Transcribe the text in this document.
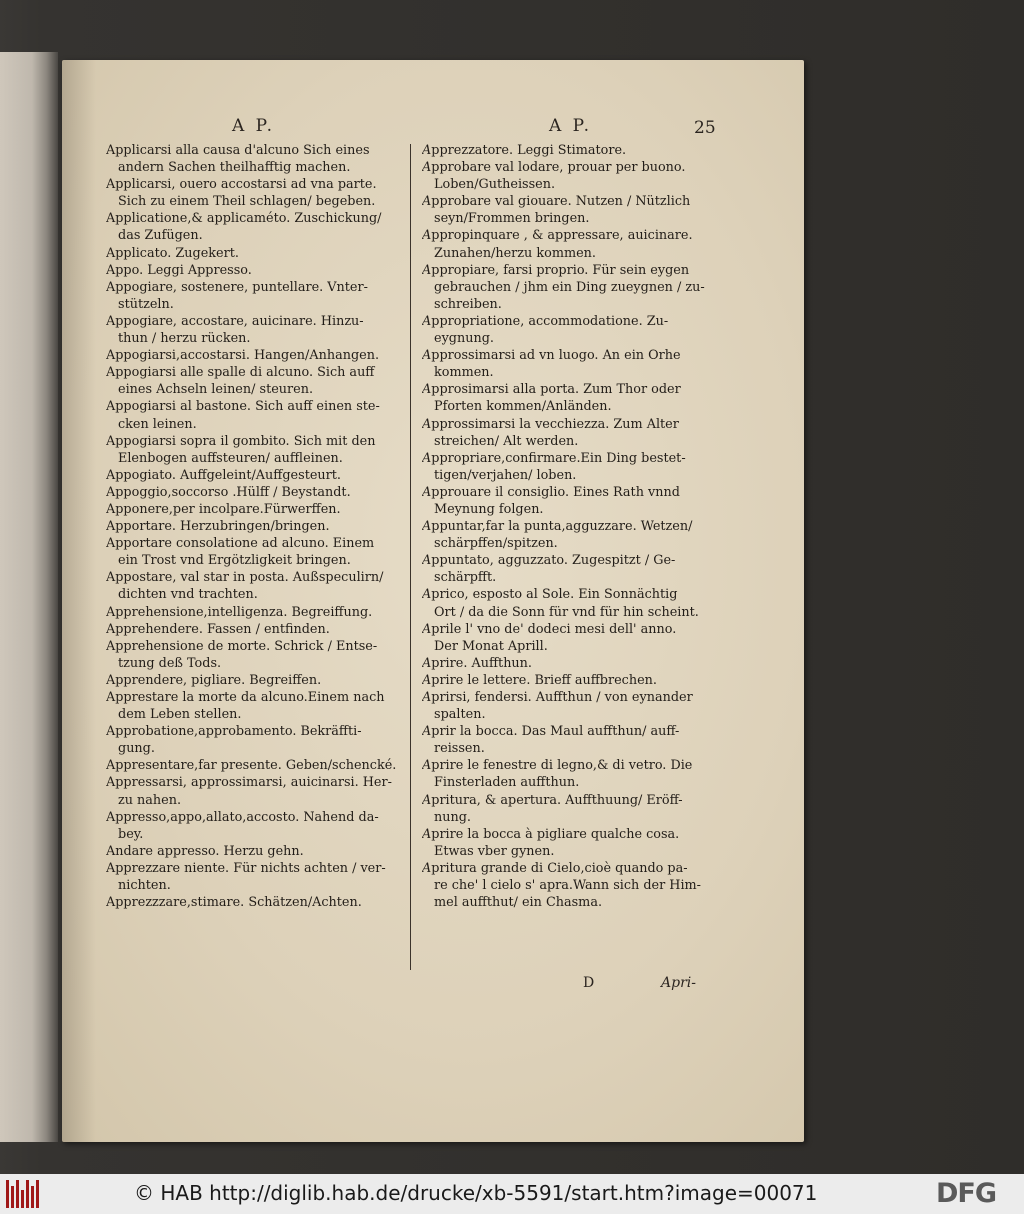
A P.	A P.	25
Applicarsi alla causa d'alcuno Sich eines
andern Sachen theilhafftig machen.
Applicarsi, ouero accostarsi ad vna parte.
Sich zu einem Theil schlagen/ begeben.
Applicatione,& applicaméto. Zuschickung/
das Zufügen.
Applicato. Zugekert.
Appo. Leggi Appresso.
Appogiare, sostenere, puntellare. Vnter-
stützeln.
Appogiare, accostare, auicinare. Hinzu-
thun / herzu rücken.
Appogiarsi,accostarsi. Hangen/Anhangen.
Appogiarsi alle spalle di alcuno. Sich auff
eines Achseln leinen/ steuren.
Appogiarsi al bastone. Sich auff einen ste-
cken leinen.
Appogiarsi sopra il gombito. Sich mit den
Elenbogen auffsteuren/ auffleinen.
Appogiato. Auffgeleint/Auffgesteurt.
Appoggio,soccorso .Hülff / Beystandt.
Apponere,per incolpare.Fürwerffen.
Apportare. Herzubringen/bringen.
Apportare consolatione ad alcuno. Einem
ein Trost vnd Ergötzligkeit bringen.
Appostare, val star in posta. Außspeculirn/
dichten vnd trachten.
Apprehensione,intelligenza. Begreiffung.
Apprehendere. Fassen / entfinden.
Apprehensione de morte. Schrick / Entse-
tzung deß Tods.
Apprendere, pigliare. Begreiffen.
Apprestare la morte da alcuno.Einem nach
dem Leben stellen.
Approbatione,approbamento. Bekräffti-
gung.
Appresentare,far presente. Geben/schencké.
Appressarsi, approssimarsi, auicinarsi. Her-
zu nahen.
Appresso,appo,allato,accosto. Nahend da-
bey.
Andare appresso. Herzu gehn.
Apprezzare niente. Für nichts achten / ver-
nichten.
Apprezzzare,stimare. Schätzen/Achten.
Apprezzatore. Leggi Stimatore.
Approbare val lodare, prouar per buono.
Loben/Gutheissen.
Approbare val giouare. Nutzen / Nützlich
seyn/Frommen bringen.
Appropinquare , & appressare, auicinare.
Zunahen/herzu kommen.
Appropiare, farsi proprio. Für sein eygen
gebrauchen / jhm ein Ding zueygnen / zu-
schreiben.
Appropriatione, accommodatione. Zu-
eygnung.
Approssimarsi ad vn luogo. An ein Orhe
kommen.
Approsimarsi alla porta. Zum Thor oder
Pforten kommen/Anländen.
Approssimarsi la vecchiezza. Zum Alter
streichen/ Alt werden.
Appropriare,confirmare.Ein Ding bestet-
tigen/verjahen/ loben.
Approuare il consiglio. Eines Rath vnnd
Meynung folgen.
Appuntar,far la punta,agguzzare. Wetzen/
schärpffen/spitzen.
Appuntato, agguzzato. Zugespitzt / Ge-
schärpfft.
Aprico, esposto al Sole. Ein Sonnächtig
Ort / da die Sonn für vnd für hin scheint.
Aprile l' vno de' dodeci mesi dell' anno.
Der Monat Aprill.
Aprire. Auffthun.
Aprire le lettere. Brieff auffbrechen.
Aprirsi, fendersi. Auffthun / von eynander
spalten.
Aprir la bocca. Das Maul auffthun/ auff-
reissen.
Aprire le fenestre di legno,& di vetro. Die
Finsterladen auffthun.
Apritura, & apertura. Auffthuung/ Eröff-
nung.
Aprire la bocca à pigliare qualche cosa.
Etwas vber gynen.
Apritura grande di Cielo,cioè quando pa-
re che' l cielo s' apra.Wann sich der Him-
mel auffthut/ ein Chasma.
D	Apri-
© HAB http://diglib.hab.de/drucke/xb-5591/start.htm?image=00071	DFG
